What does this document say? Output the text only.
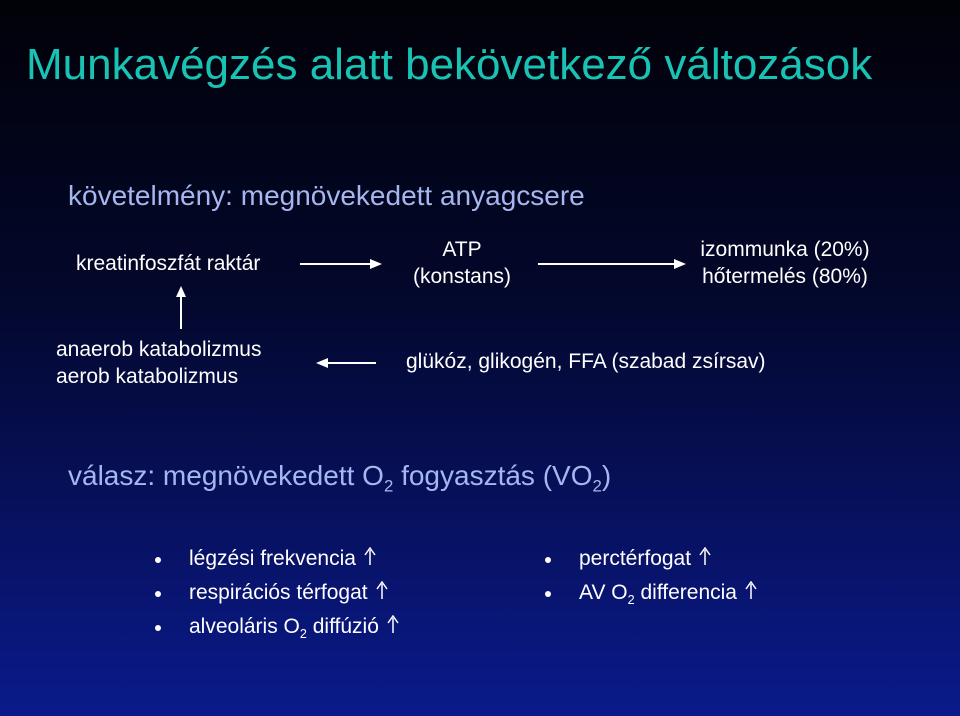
Munkavégzés alatt bekövetkező változások
követelmény: megnövekedett anyagcsere
kreatinfoszfát raktár
ATP
(konstans)
izommunka (20%)
hőtermelés (80%)
anaerob katabolizmus
aerob katabolizmus
glükóz, glikogén, FFA (szabad zsírsav)
válasz: megnövekedett $O_2$ fogyasztás $(VO_2)$
légzési frekvencia
respirációs térfogat
alveoláris $O_2$ diffúzió
perctérfogat
AV $O_2$ differencia
